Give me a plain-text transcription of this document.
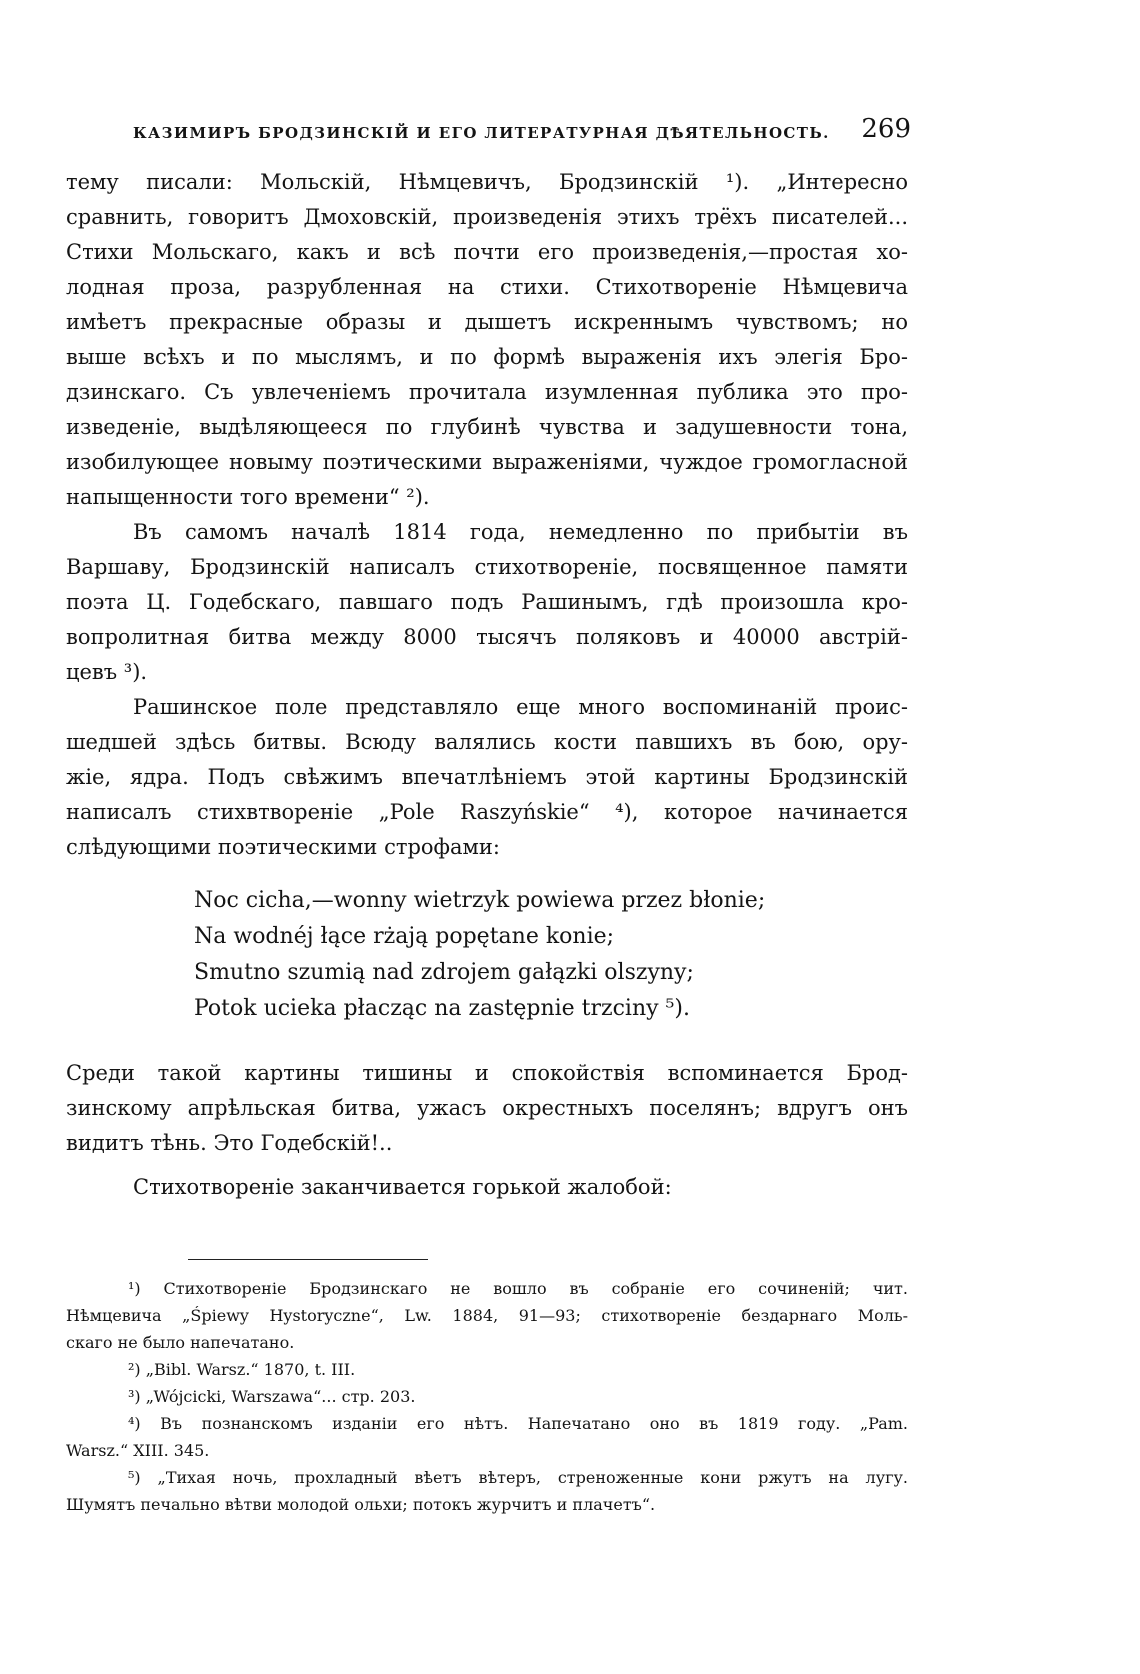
КАЗИМИРЪ БРОДЗИНСКІЙ И ЕГО ЛИТЕРАТУРНАЯ ДѢЯТЕЛЬНОСТЬ. 269
тему писали: Мольскій, Нѣмцевичъ, Бродзинскій ¹). „Интересно
сравнить, говоритъ Дмоховскій, произведенія этихъ трёхъ писателей...
Стихи Мольскаго, какъ и всѣ почти его произведенія,—простая хо-
лодная проза, разрубленная на стихи. Стихотвореніе Нѣмцевича
имѣетъ прекрасные образы и дышетъ искреннымъ чувствомъ; но
выше всѣхъ и по мыслямъ, и по формѣ выраженія ихъ элегія Бро-
дзинскаго. Съ увлеченіемъ прочитала изумленная публика это про-
изведеніе, выдѣляющееся по глубинѣ чувства и задушевности тона,
изобилующее новыму поэтическими выраженіями, чуждое громогласной
напыщенности того времени“ ²).
Въ самомъ началѣ 1814 года, немедленно по прибытіи въ
Варшаву, Бродзинскій написалъ стихотвореніе, посвященное памяти
поэта Ц. Годебскаго, павшаго подъ Рашинымъ, гдѣ произошла кро-
вопролитная битва между 8000 тысячъ поляковъ и 40000 австрій-
цевъ ³).
Рашинское поле представляло еще много воспоминаній проис-
шедшей здѣсь битвы. Всюду валялись кости павшихъ въ бою, ору-
жіе, ядра. Подъ свѣжимъ впечатлѣніемъ этой картины Бродзинскій
написалъ стихвтвореніе „Pole Raszyńskie“ ⁴), которое начинается
слѣдующими поэтическими строфами:
Noc cicha,—wonny wietrzyk powiewa przez błonie;
Na wodnéj łące rżają popętane konie;
Smutno szumią nad zdrojem gałązki olszyny;
Potok ucieka płacząc na zastępnie trzciny ⁵).
Среди такой картины тишины и спокойствія вспоминается Брод-
зинскому апрѣльская битва, ужасъ окрестныхъ поселянъ; вдругъ онъ
видитъ тѣнь. Это Годебскій!..
Стихотвореніе заканчивается горькой жалобой:
¹) Стихотвореніе Бродзинскаго не вошло въ собраніе его сочиненій; чит.
Нѣмцевича „Śpiewy Hystoryczne“, Lw. 1884, 91—93; стихотвореніе бездарнаго Моль-
скаго не было напечатано.
²) „Bibl. Warsz.“ 1870, t. III.
³) „Wójcicki, Warszawa“... стр. 203.
⁴) Въ познанскомъ изданіи его нѣтъ. Напечатано оно въ 1819 году. „Pam.
Warsz.“ XIII. 345.
⁵) „Тихая ночь, прохладный вѣетъ вѣтеръ, стреноженные кони ржутъ на лугу.
Шумятъ печально вѣтви молодой ольхи; потокъ журчитъ и плачетъ“.
